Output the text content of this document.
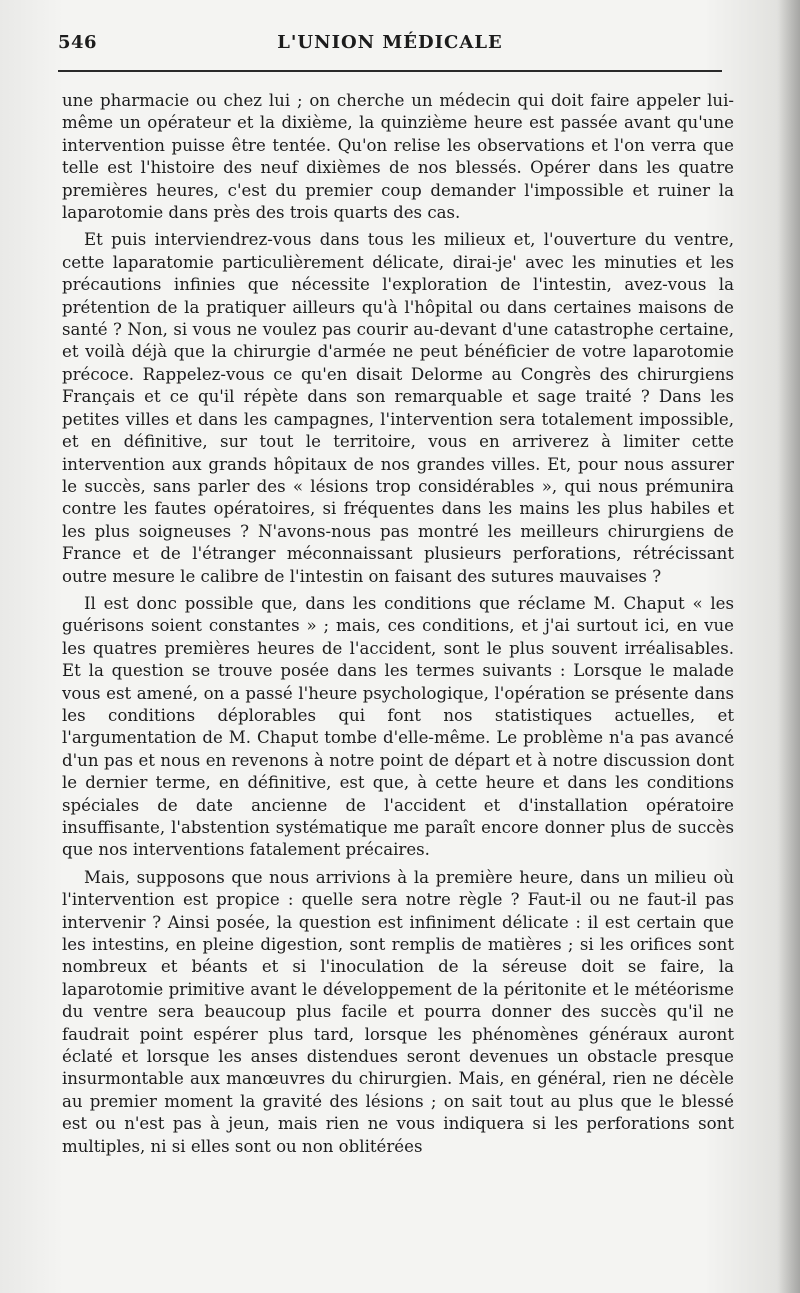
546	L'UNION MÉDICALE

une pharmacie ou chez lui ; on cherche un médecin qui doit faire appeler lui-même un opérateur et la dixième, la quinzième heure est passée avant qu'une intervention puisse être tentée. Qu'on relise les observations et l'on verra que telle est l'histoire des neuf dixièmes de nos blessés. Opérer dans les quatre premières heures, c'est du premier coup demander l'impossible et ruiner la laparotomie dans près des trois quarts des cas.

Et puis interviendrez-vous dans tous les milieux et, l'ouverture du ventre, cette laparatomie particulièrement délicate, dirai-je' avec les minuties et les précautions infinies que nécessite l'exploration de l'intestin, avez-vous la prétention de la pratiquer ailleurs qu'à l'hôpital ou dans certaines maisons de santé ? Non, si vous ne voulez pas courir au-devant d'une catastrophe certaine, et voilà déjà que la chirurgie d'armée ne peut bénéficier de votre laparotomie précoce. Rappelez-vous ce qu'en disait Delorme au Congrès des chirurgiens Français et ce qu'il répète dans son remarquable et sage traité ? Dans les petites villes et dans les campagnes, l'intervention sera totalement impossible, et en définitive, sur tout le territoire, vous en arriverez à limiter cette intervention aux grands hôpitaux de nos grandes villes. Et, pour nous assurer le succès, sans parler des « lésions trop considérables », qui nous prémunira contre les fautes opératoires, si fréquentes dans les mains les plus habiles et les plus soigneuses ? N'avons-nous pas montré les meilleurs chirurgiens de France et de l'étranger méconnaissant plusieurs perforations, rétrécissant outre mesure le calibre de l'intestin on faisant des sutures mauvaises ?

Il est donc possible que, dans les conditions que réclame M. Chaput « les guérisons soient constantes » ; mais, ces conditions, et j'ai surtout ici, en vue les quatres premières heures de l'accident, sont le plus souvent irréalisables. Et la question se trouve posée dans les termes suivants : Lorsque le malade vous est amené, on a passé l'heure psychologique, l'opération se présente dans les conditions déplorables qui font nos statistiques actuelles, et l'argumentation de M. Chaput tombe d'elle-même. Le problème n'a pas avancé d'un pas et nous en revenons à notre point de départ et à notre discussion dont le dernier terme, en définitive, est que, à cette heure et dans les conditions spéciales de date ancienne de l'accident et d'installation opératoire insuffisante, l'abstention systématique me paraît encore donner plus de succès que nos interventions fatalement précaires.

Mais, supposons que nous arrivions à la première heure, dans un milieu où l'intervention est propice : quelle sera notre règle ? Faut-il ou ne faut-il pas intervenir ? Ainsi posée, la question est infiniment délicate : il est certain que les intestins, en pleine digestion, sont remplis de matières ; si les orifices sont nombreux et béants et si l'inoculation de la séreuse doit se faire, la laparotomie primitive avant le développement de la péritonite et le météorisme du ventre sera beaucoup plus facile et pourra donner des succès qu'il ne faudrait point espérer plus tard, lorsque les phénomènes généraux auront éclaté et lorsque les anses distendues seront devenues un obstacle presque insurmontable aux manœuvres du chirurgien. Mais, en général, rien ne décèle au premier moment la gravité des lésions ; on sait tout au plus que le blessé est ou n'est pas à jeun, mais rien ne vous indiquera si les perforations sont multiples, ni si elles sont ou non oblitérées
